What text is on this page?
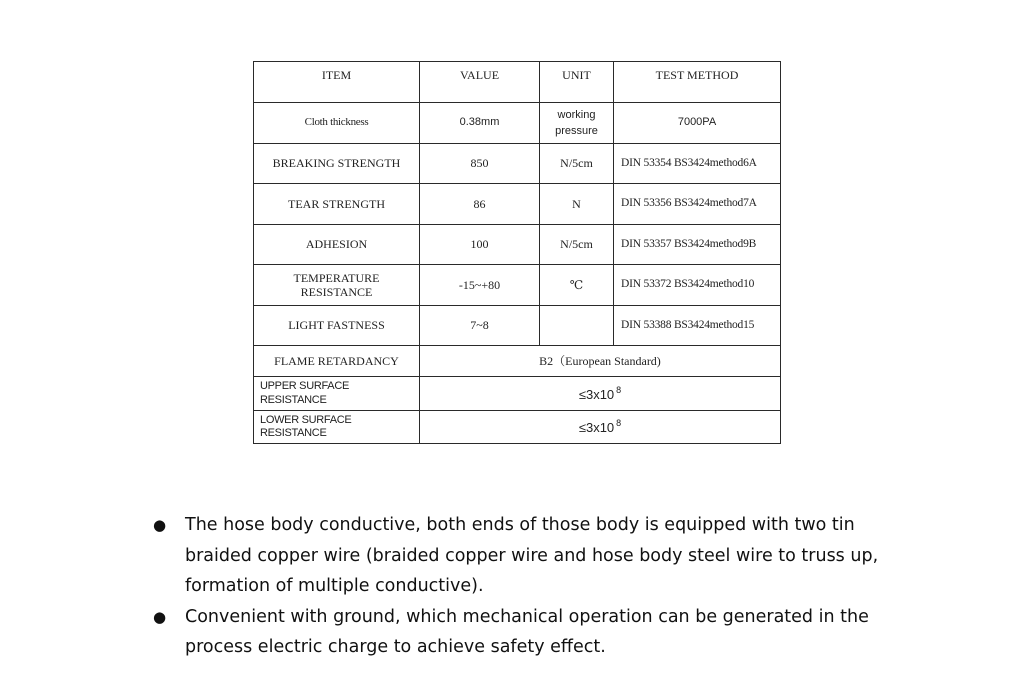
ITEM	VALUE	UNIT	TEST METHOD
Cloth thickness	0.38mm	working pressure	7000PA
BREAKING STRENGTH	850	N/5cm	DIN 53354 BS3424method6A
TEAR STRENGTH	86	N	DIN 53356 BS3424method7A
ADHESION	100	N/5cm	DIN 53357 BS3424method9B
TEMPERATURE RESISTANCE	-15~+80	℃	DIN 53372 BS3424method10
LIGHT FASTNESS	7~8		DIN 53388 BS3424method15
FLAME RETARDANCY	B2（European Standard)		
UPPER SURFACE RESISTANCE	≤3x10 $^8$
LOWER SURFACE RESISTANCE	≤3x10 $^8$
● The hose body conductive, both ends of those body is equipped with two tin braided copper wire (braided copper wire and hose body steel wire to truss up, formation of multiple conductive).
● Convenient with ground, which mechanical operation can be generated in the process electric charge to achieve safety effect.
